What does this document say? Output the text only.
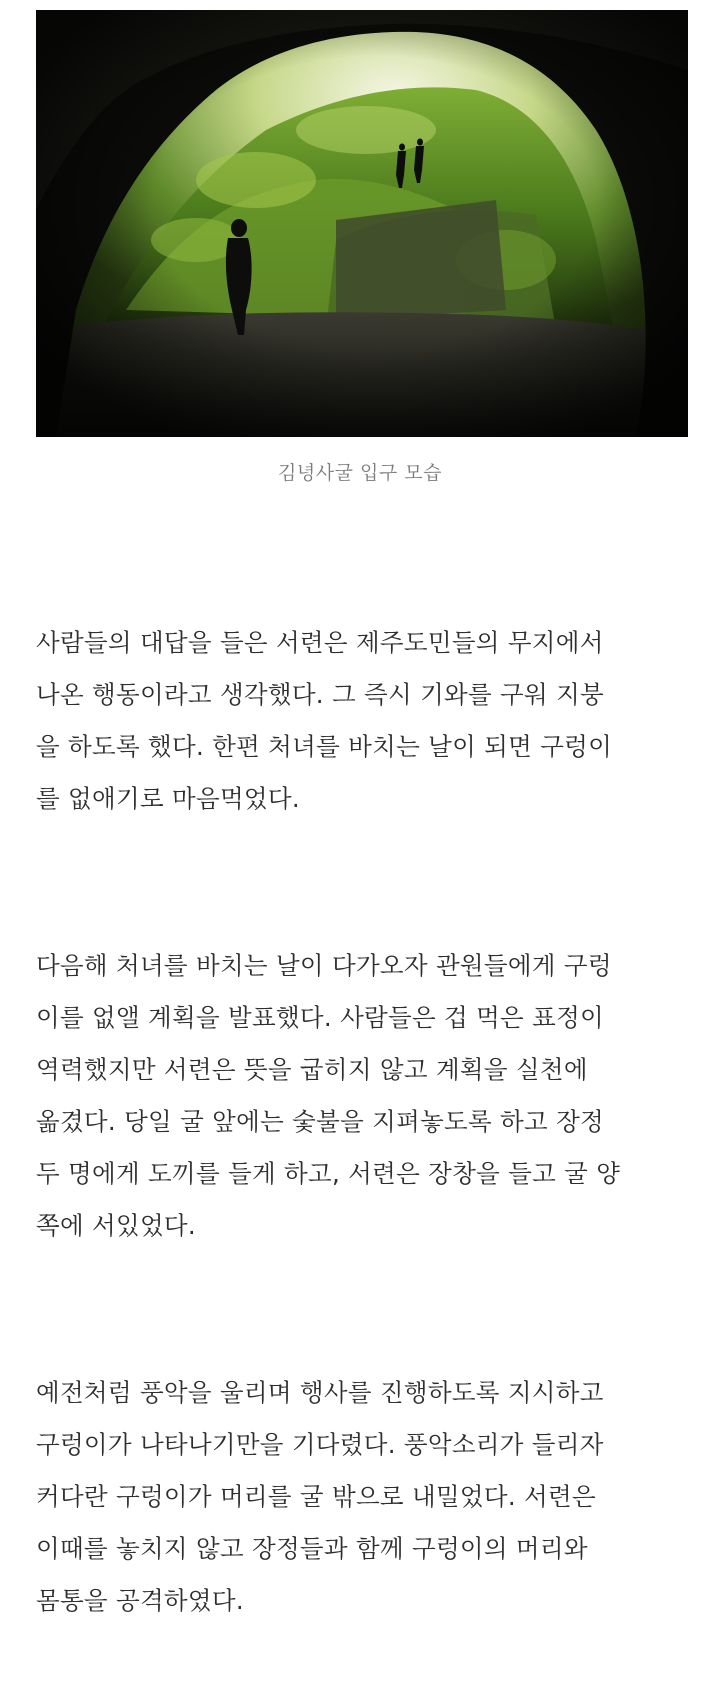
김녕사굴 입구 모습

사람들의 대답을 들은 서련은 제주도민들의 무지에서
나온 행동이라고 생각했다. 그 즉시 기와를 구워 지붕
을 하도록 했다. 한편 처녀를 바치는 날이 되면 구렁이
를 없애기로 마음먹었다.

다음해 처녀를 바치는 날이 다가오자 관원들에게 구렁
이를 없앨 계획을 발표했다. 사람들은 겁 먹은 표정이
역력했지만 서련은 뜻을 굽히지 않고 계획을 실천에
옮겼다. 당일 굴 앞에는 숯불을 지펴놓도록 하고 장정
두 명에게 도끼를 들게 하고, 서련은 장창을 들고 굴 양
쪽에 서있었다.

예전처럼 풍악을 울리며 행사를 진행하도록 지시하고
구렁이가 나타나기만을 기다렸다. 풍악소리가 들리자
커다란 구렁이가 머리를 굴 밖으로 내밀었다. 서련은
이때를 놓치지 않고 장정들과 함께 구렁이의 머리와
몸통을 공격하였다.
